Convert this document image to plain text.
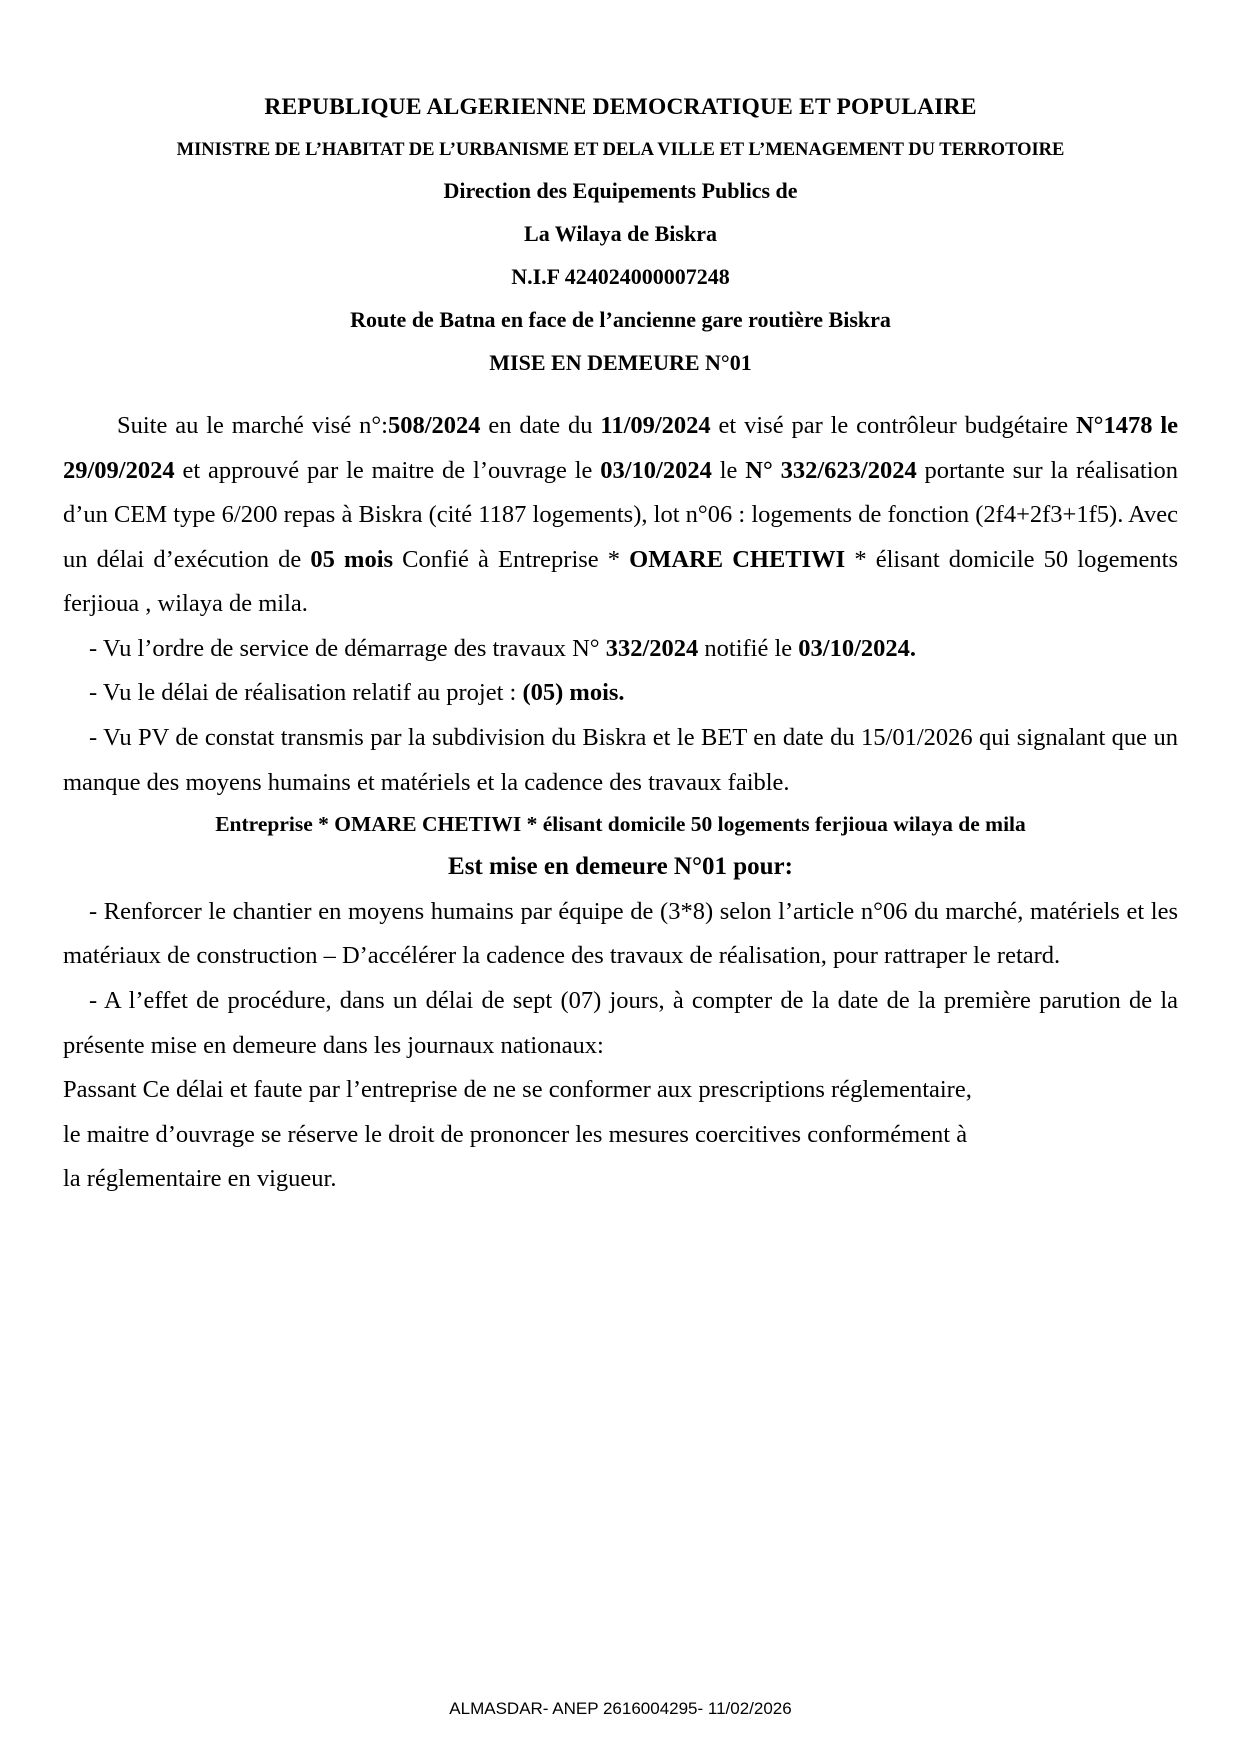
REPUBLIQUE ALGERIENNE DEMOCRATIQUE ET POPULAIRE
MINISTRE DE L’HABITAT DE L’URBANISME ET DELA VILLE ET L’MENAGEMENT DU TERROTOIRE
Direction des Equipements Publics de
La Wilaya de Biskra
N.I.F 424024000007248
Route de Batna en face de l’ancienne gare routière Biskra
MISE EN DEMEURE N°01

Suite au le marché visé n°:508/2024 en date du 11/09/2024 et visé par le contrôleur budgétaire N°1478 le 29/09/2024 et approuvé par le maitre de l’ouvrage le 03/10/2024 le N° 332/623/2024 portante sur la réalisation d’un CEM type 6/200 repas à Biskra (cité 1187 logements), lot n°06 : logements de fonction (2f4+2f3+1f5). Avec un délai d’exécution de 05 mois Confié à Entreprise * OMARE CHETIWI * élisant domicile 50 logements ferjioua , wilaya de mila.

- Vu l’ordre de service de démarrage des travaux N° 332/2024 notifié le 03/10/2024.

- Vu le délai de réalisation relatif au projet : (05) mois.

- Vu PV de constat transmis par la subdivision du Biskra et le BET en date du 15/01/2026 qui signalant que un manque des moyens humains et matériels et la cadence des travaux faible.

Entreprise * OMARE CHETIWI * élisant domicile 50 logements ferjioua wilaya de mila
Est mise en demeure N°01 pour:

- Renforcer le chantier en moyens humains par équipe de (3*8) selon l’article n°06 du marché, matériels et les matériaux de construction – D’accélérer la cadence des travaux de réalisation, pour rattraper le retard.

- A l’effet de procédure, dans un délai de sept (07) jours, à compter de la date de la première parution de la présente mise en demeure dans les journaux nationaux:

Passant Ce délai et faute par l’entreprise de ne se conformer aux prescriptions réglementaire,

le maitre d’ouvrage se réserve le droit de prononcer les mesures coercitives conformément à

la réglementaire en vigueur.

ALMASDAR- ANEP 2616004295- 11/02/2026
